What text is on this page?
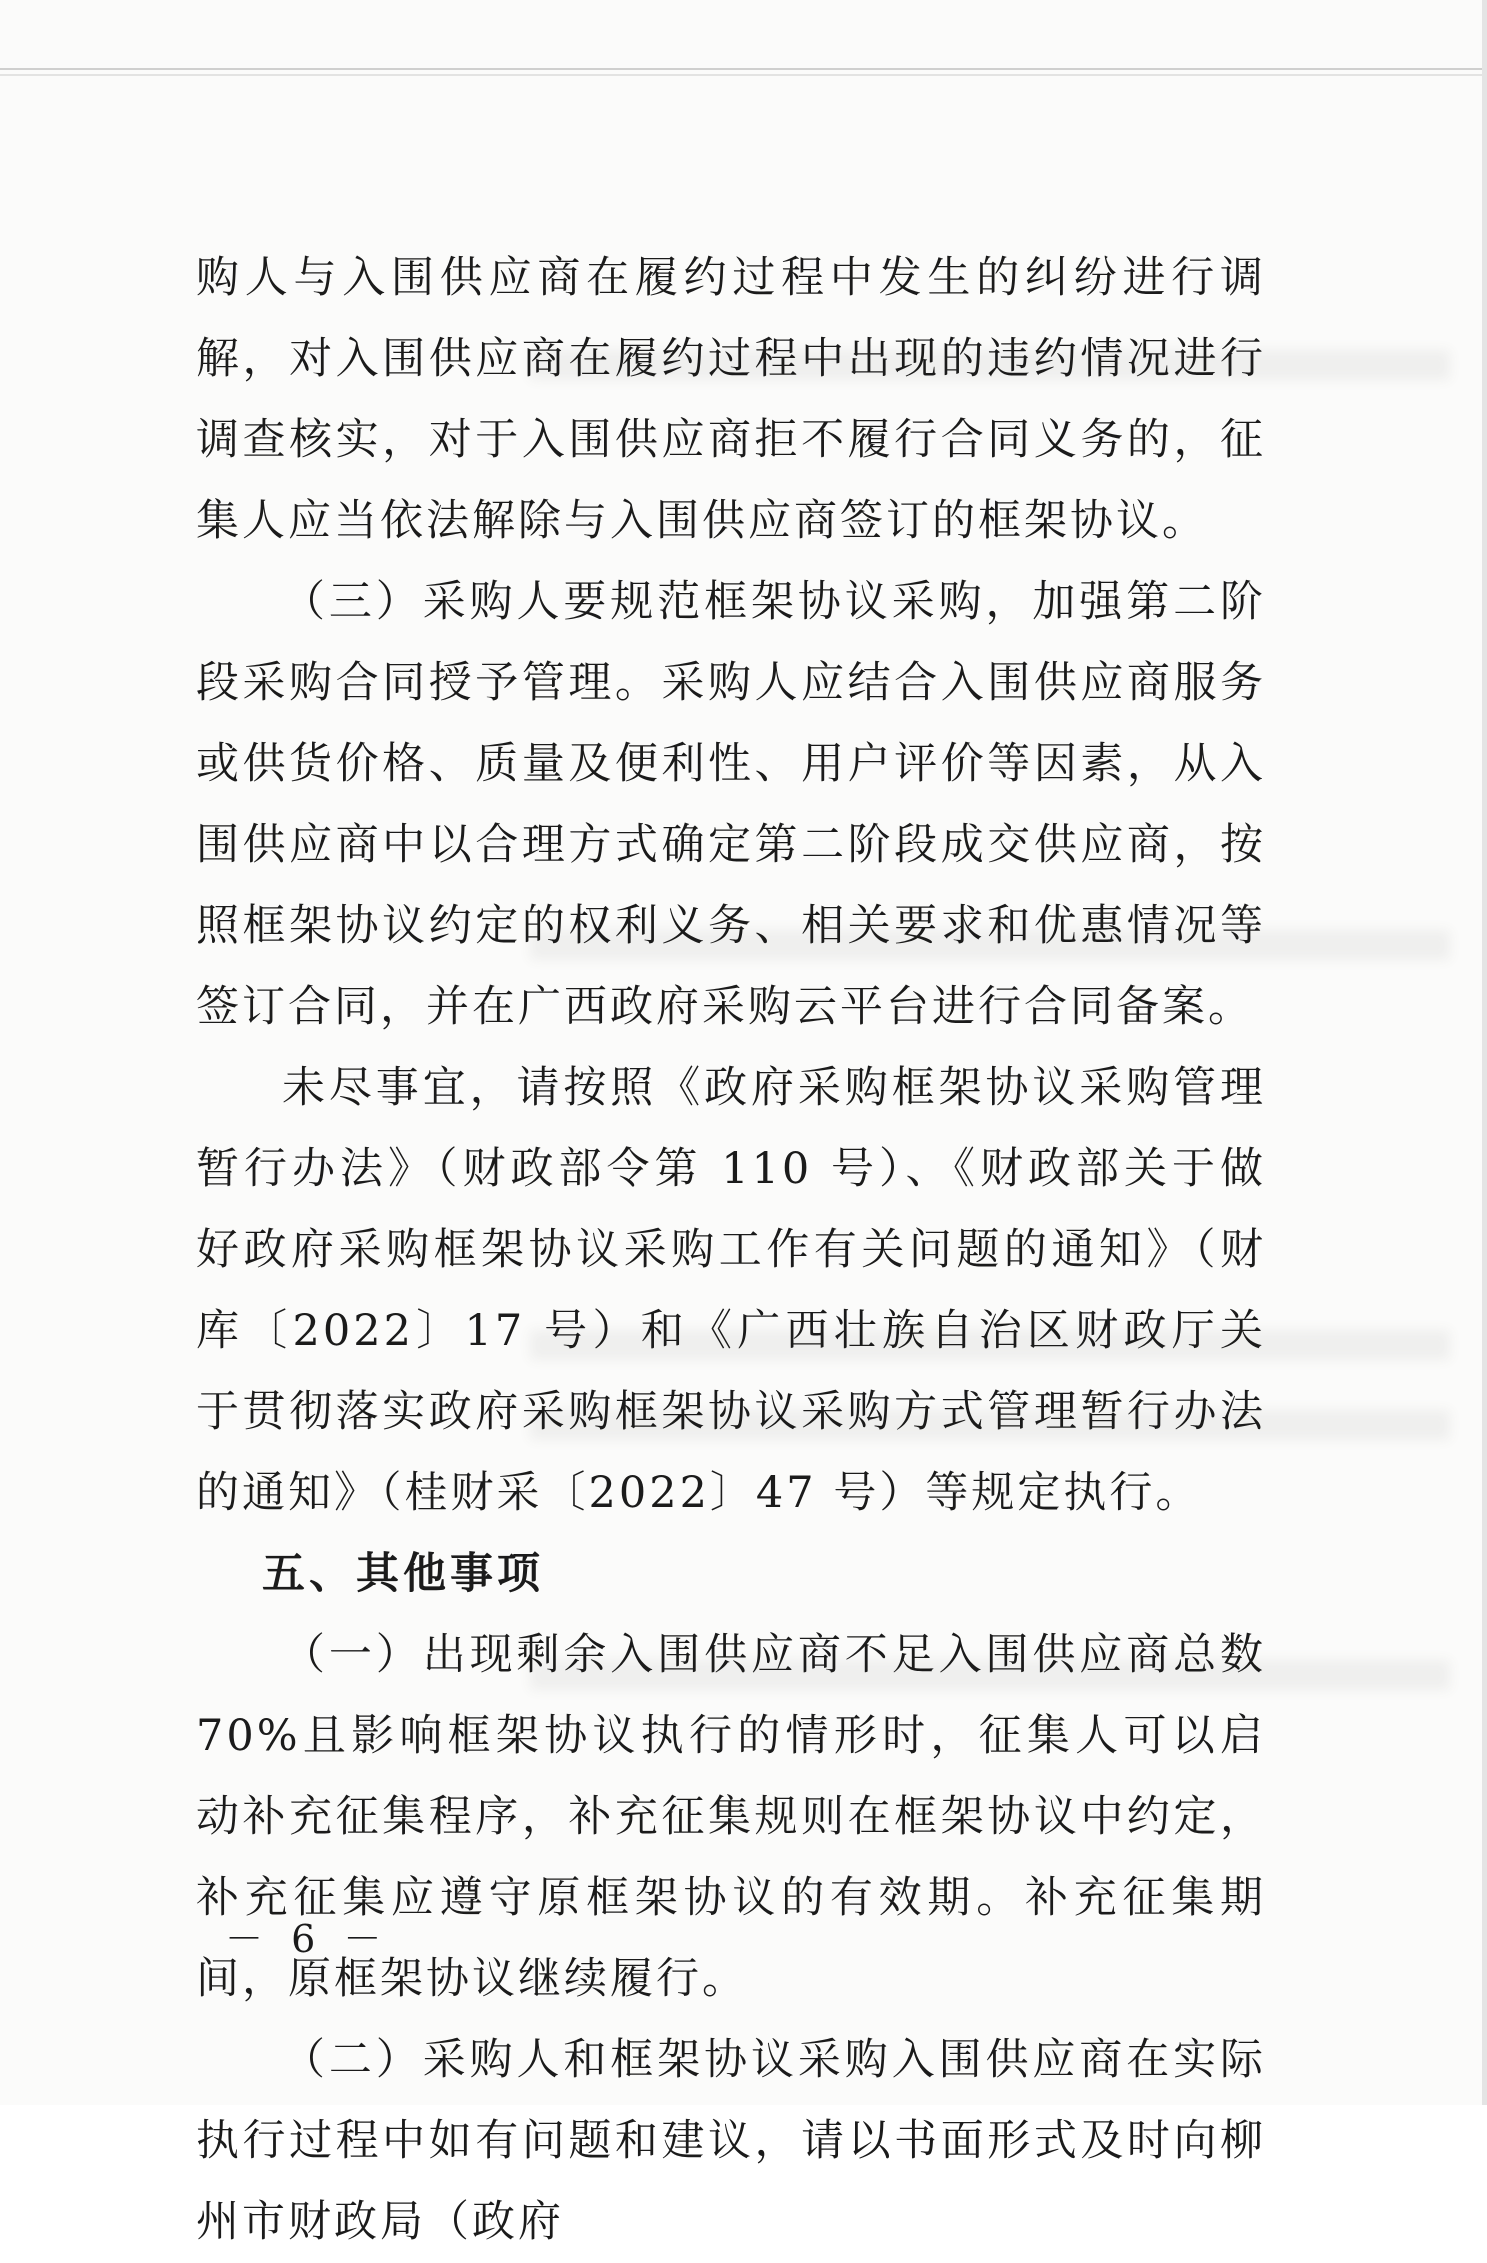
购人与入围供应商在履约过程中发生的纠纷进行调解，对入围供应商在履约过程中出现的违约情况进行调查核实，对于入围供应商拒不履行合同义务的，征集人应当依法解除与入围供应商签订的框架协议。

（三）采购人要规范框架协议采购，加强第二阶段采购合同授予管理。采购人应结合入围供应商服务或供货价格、质量及便利性、用户评价等因素，从入围供应商中以合理方式确定第二阶段成交供应商，按照框架协议约定的权利义务、相关要求和优惠情况等签订合同，并在广西政府采购云平台进行合同备案。

未尽事宜，请按照《政府采购框架协议采购管理暂行办法》（财政部令第 110 号）、《财政部关于做好政府采购框架协议采购工作有关问题的通知》（财库〔2022〕17 号）和《广西壮族自治区财政厅关于贯彻落实政府采购框架协议采购方式管理暂行办法的通知》（桂财采〔2022〕47 号）等规定执行。

五、其他事项

（一）出现剩余入围供应商不足入围供应商总数 70%且影响框架协议执行的情形时，征集人可以启动补充征集程序，补充征集规则在框架协议中约定，补充征集应遵守原框架协议的有效期。补充征集期间，原框架协议继续履行。

（二）采购人和框架协议采购入围供应商在实际执行过程中如有问题和建议，请以书面形式及时向柳州市财政局（政府

－ 6 －
